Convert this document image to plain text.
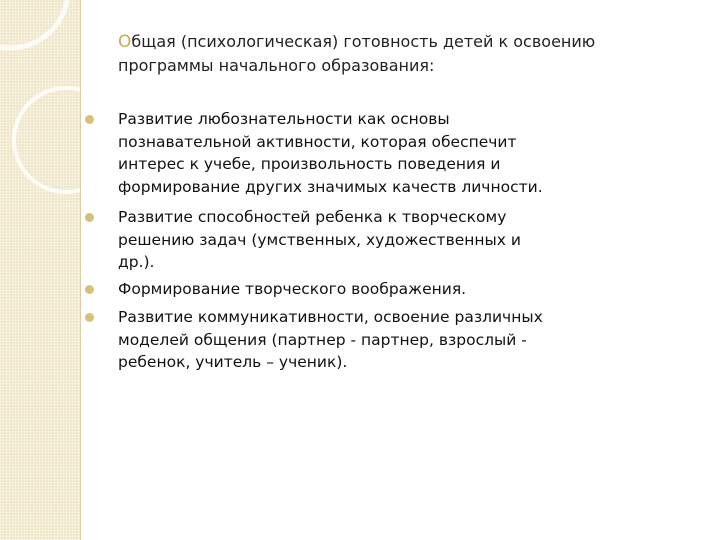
Общая (психологическая) готовность детей к освоению программы начального образования:
Развитие любознательности как основы познавательной активности, которая обеспечит интерес к учебе, произвольность поведения и формирование других значимых качеств личности.
Развитие способностей ребенка к творческому решению задач (умственных, художественных и др.).
Формирование творческого воображения.
Развитие коммуникативности, освоение различных моделей общения (партнер - партнер, взрослый - ребенок, учитель – ученик).
